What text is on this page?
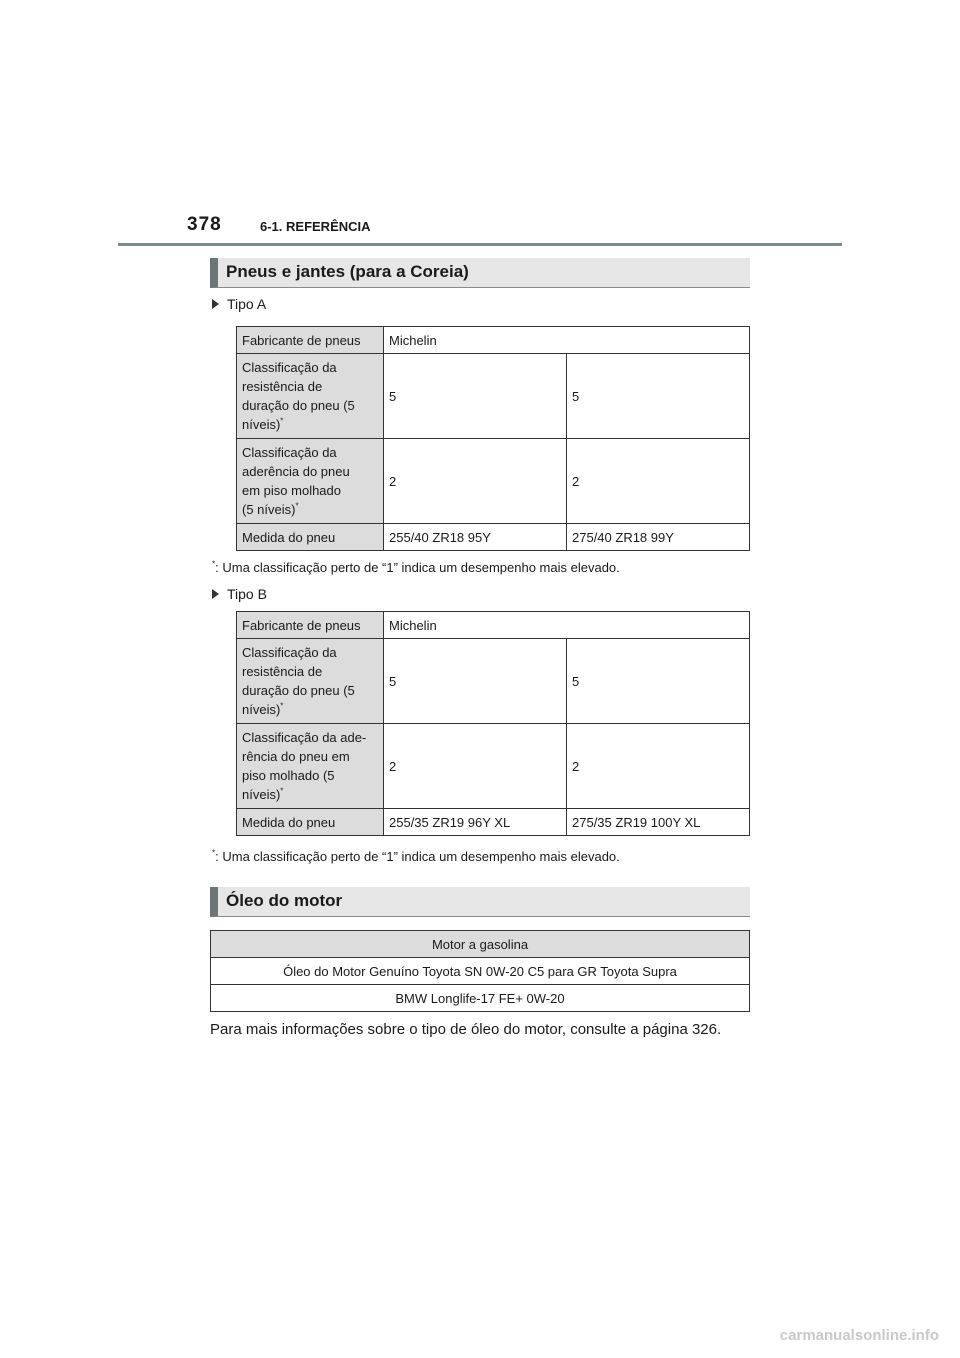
378	6-1. REFERÊNCIA
Pneus e jantes (para a Coreia)
Tipo A
Fabricante de pneus	Michelin	
Classificação da
resistência de
duração do pneu (5
níveis)*	5	5
Classificação da
aderência do pneu
em piso molhado
(5 níveis)*	2	2
Medida do pneu	255/40 ZR18 95Y	275/40 ZR18 99Y
*: Uma classificação perto de “1” indica um desempenho mais elevado.
Tipo B
Fabricante de pneus	Michelin	
Classificação da
resistência de
duração do pneu (5
níveis)*	5	5
Classificação da ade-
rência do pneu em
piso molhado (5
níveis)*	2	2
Medida do pneu	255/35 ZR19 96Y XL	275/35 ZR19 100Y XL
*: Uma classificação perto de “1” indica um desempenho mais elevado.
Óleo do motor
Motor a gasolina
Óleo do Motor Genuíno Toyota SN 0W-20 C5 para GR Toyota Supra
BMW Longlife-17 FE+ 0W-20
Para mais informações sobre o tipo de óleo do motor, consulte a página 326.
carmanualsonline.info
